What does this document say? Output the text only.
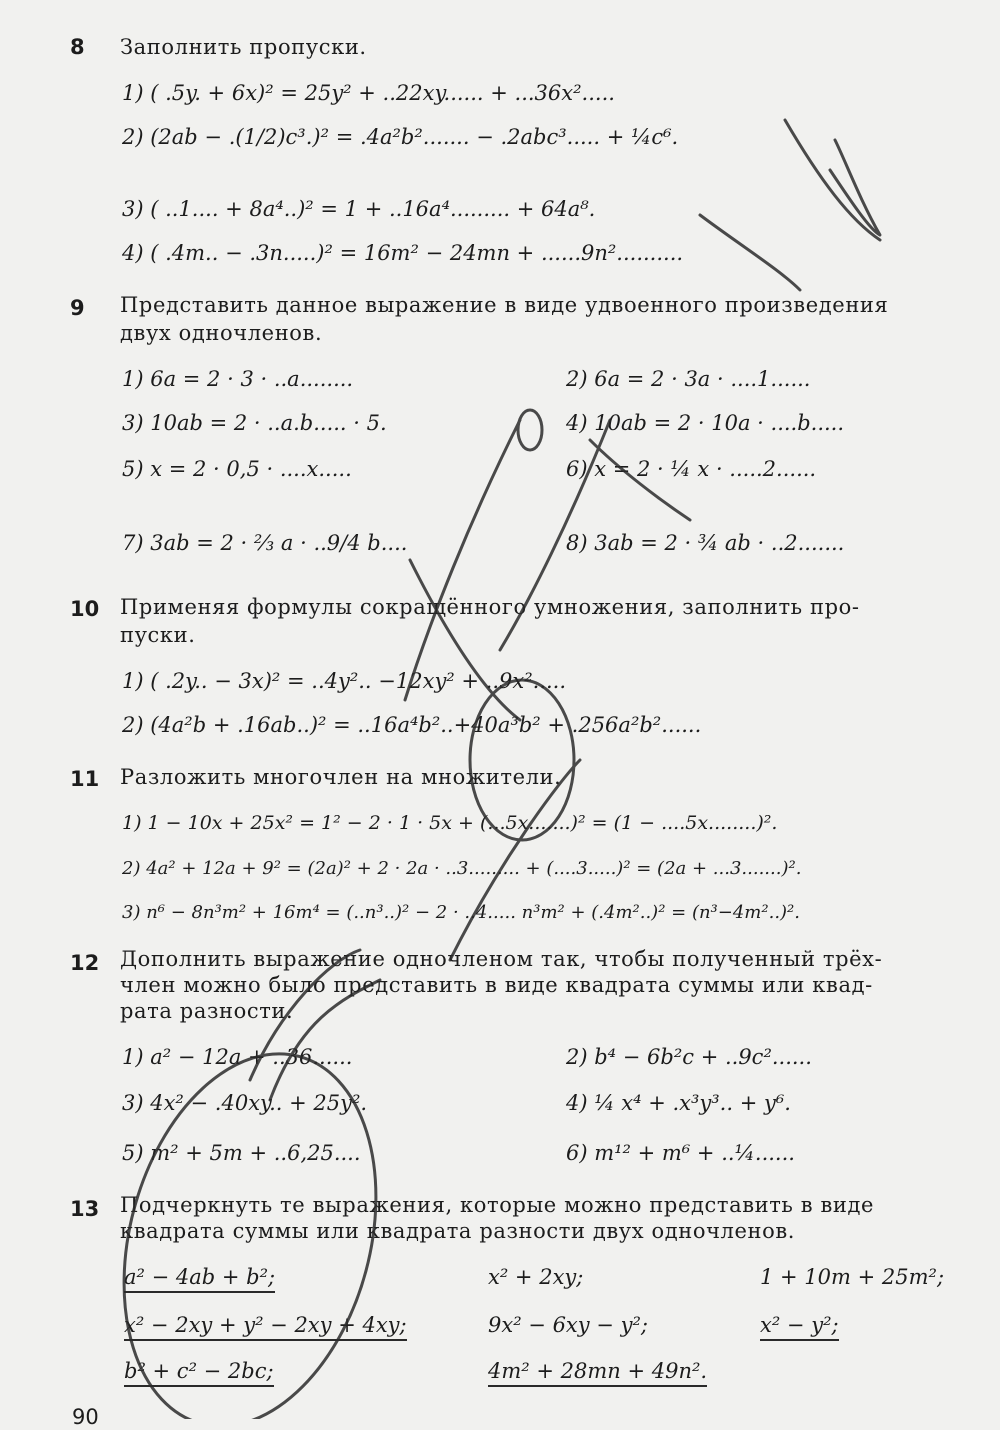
8 Заполнить пропуски.
1) ( .5y. + 6x)² = 25y² + ..22xy...... + ...36x².....
2) (2ab − .(1/2)c³.)² = .4a²b²....... − .2abc³..... + ¼c⁶.
3) ( ..1.... + 8a⁴..)² = 1 + ..16a⁴......... + 64a⁸.
4) ( .4m.. − .3n.....)² = 16m² − 24mn + ......9n²..........
9 Представить данное выражение в виде удвоенного произведения
двух одночленов.
1) 6a = 2 · 3 · ..a........
3) 10ab = 2 · ..a.b..... · 5.
5) x = 2 · 0,5 · ....x.....
7) 3ab = 2 · ⅔ a · ..9/4 b....
2) 6a = 2 · 3a · ....1......
4) 10ab = 2 · 10a · ....b.....
6) x = 2 · ¼ x · .....2......
8) 3ab = 2 · ¾ ab · ..2.......
10 Применяя формулы сокращённого умножения, заполнить про-
пуски.
1) ( .2y.. − 3x)² = ..4y².. −12xy² + ..9x².....
2) (4a²b + .16ab..)² = ..16a⁴b²..+40a³b² + .256a²b²......
11 Разложить многочлен на множители.
1) 1 − 10x + 25x² = 1² − 2 · 1 · 5x + (...5x.......)² = (1 − ....5x........)².
2) 4a² + 12a + 9² = (2a)² + 2 · 2a · ..3......... + (....3.....)² = (2a + ...3.......)².
3) n⁶ − 8n³m² + 16m⁴ = (..n³..)² − 2 · ..4..... n³m² + (.4m²..)² = (n³−4m²..)².
12 Дополнить выражение одночленом так, чтобы полученный трёх-
член можно было представить в виде квадрата суммы или квад-
рата разности.
1) a² − 12a + ..36......
3) 4x² − .40xy.. + 25y².
5) m² + 5m + ..6,25....
2) b⁴ − 6b²c + ..9c²......
4) ¼ x⁴ + .x³y³.. + y⁶.
6) m¹² + m⁶ + ..¼......
13 Подчеркнуть те выражения, которые можно представить в виде
квадрата суммы или квадрата разности двух одночленов.
a² − 4ab + b²;
x² − 2xy + y² − 2xy + 4xy;
b² + c² − 2bc;
x² + 2xy;
9x² − 6xy − y²;
4m² + 28mn + 49n².
1 + 10m + 25m²;
x² − y²;
90
